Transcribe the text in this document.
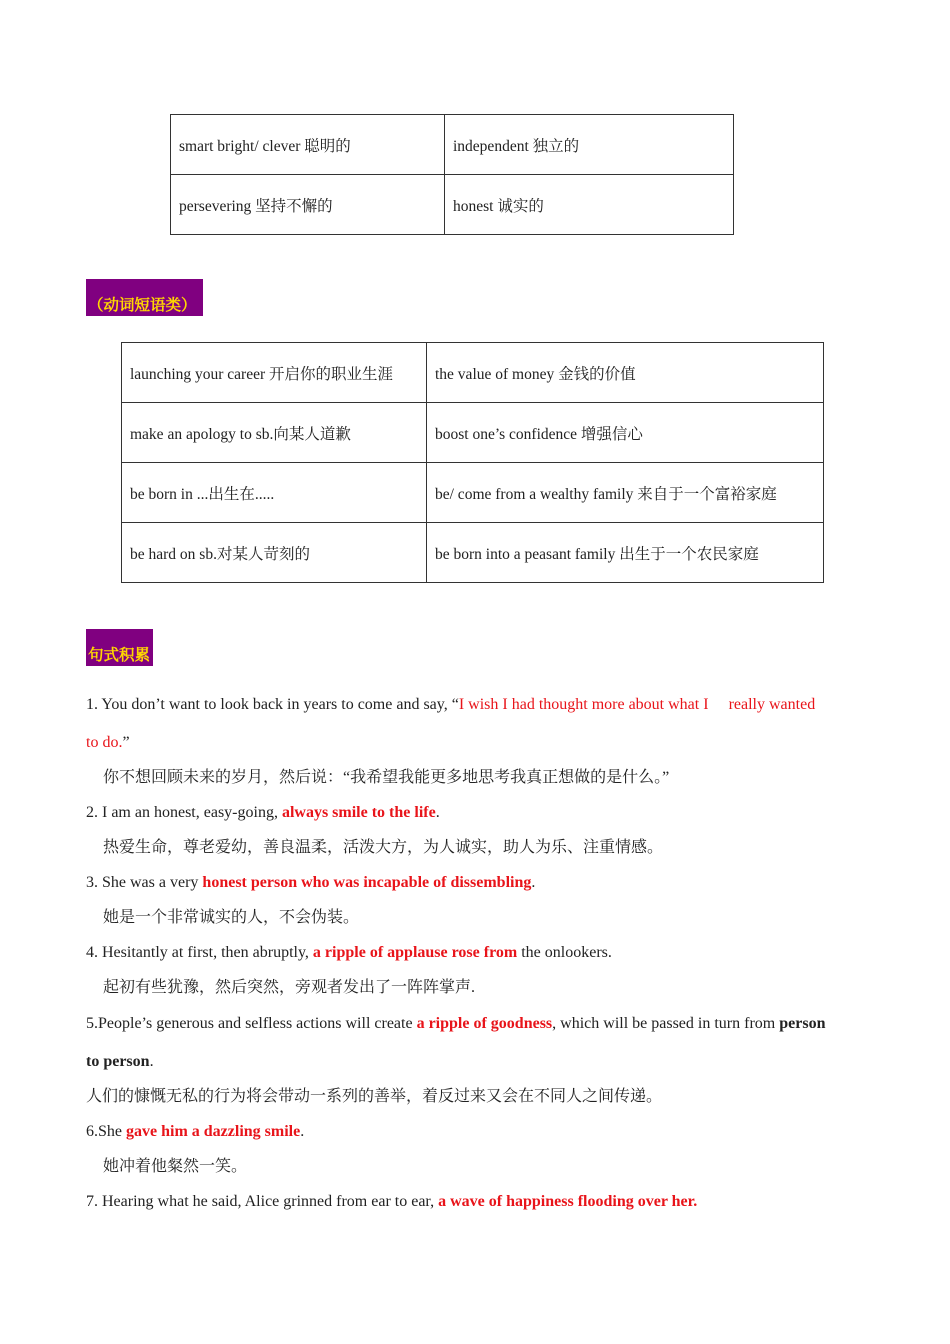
smart bright/ clever 聪明的	independent 独立的
persevering 坚持不懈的	honest 诚实的
（动词短语类）
launching your career 开启你的职业生涯	the value of money 金钱的价值
make an apology to sb.向某人道歉	boost one’s confidence 增强信心
be born in ...出生在.....	be/ come from a wealthy family 来自于一个富裕家庭
be hard on sb.对某人苛刻的	be born into a peasant family 出生于一个农民家庭
句式积累
1. You don’t want to look back in years to come and say, “I wish I had thought more about what I really wanted
to do.”
你不想回顾未来的岁月，然后说：“我希望我能更多地思考我真正想做的是什么。”
2. I am an honest, easy-going, always smile to the life.
热爱生命，尊老爱幼，善良温柔，活泼大方，为人诚实，助人为乐、注重情感。
3. She was a very honest person who was incapable of dissembling.
她是一个非常诚实的人，不会伪装。
4. Hesitantly at first, then abruptly, a ripple of applause rose from the onlookers.
起初有些犹豫，然后突然，旁观者发出了一阵阵掌声.
5.People’s generous and selfless actions will create a ripple of goodness, which will be passed in turn from person
to person.
人们的慷慨无私的行为将会带动一系列的善举，着反过来又会在不同人之间传递。
6.She gave him a dazzling smile.
她冲着他粲然一笑。
7. Hearing what he said, Alice grinned from ear to ear, a wave of happiness flooding over her.
